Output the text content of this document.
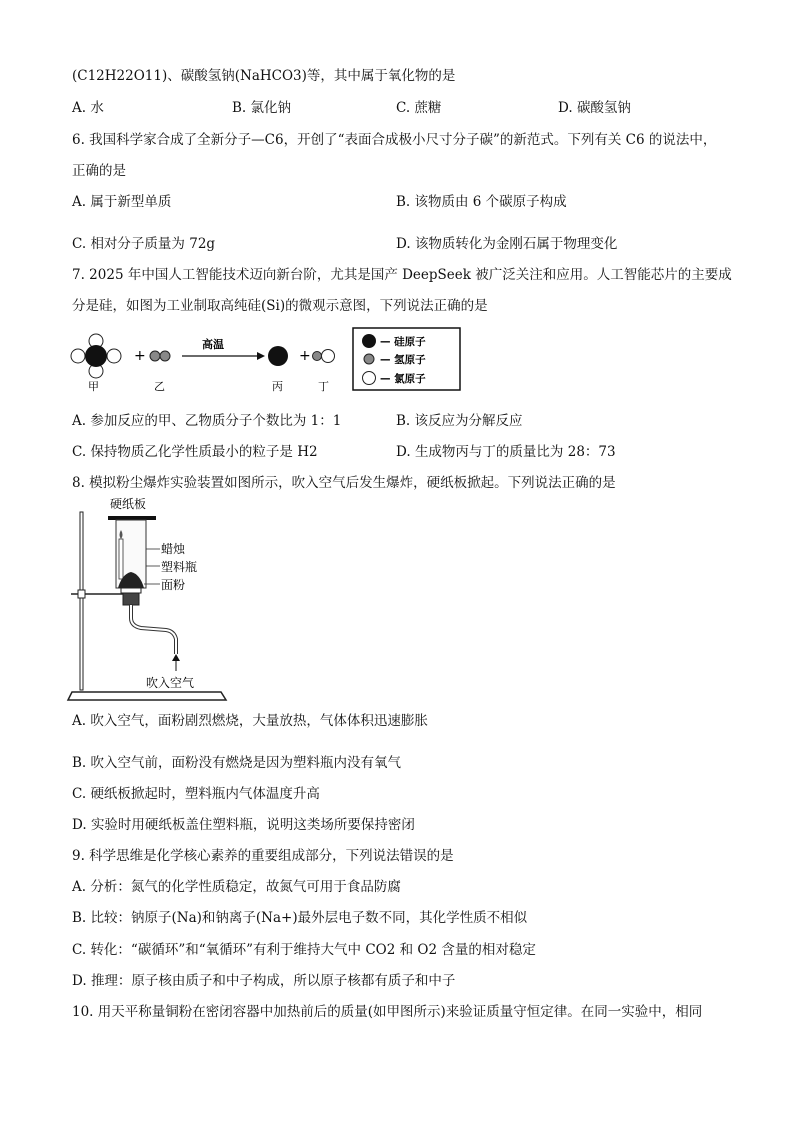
(C12H22O11)、碳酸氢钠(NaHCO3)等，其中属于氧化物的是
A. 水	B. 氯化钠	C. 蔗糖	D. 碳酸氢钠
6. 我国科学家合成了全新分子—C6，开创了“表面合成极小尺寸分子碳”的新范式。下列有关 C6 的说法中，
正确的是
A. 属于新型单质	B. 该物质由 6 个碳原子构成
C. 相对分子质量为 72g	D. 该物质转化为金刚石属于物理变化
7. 2025 年中国人工智能技术迈向新台阶，尤其是国产 DeepSeek 被广泛关注和应用。人工智能芯片的主要成
分是硅，如图为工业制取高纯硅(Si)的微观示意图，下列说法正确的是
甲
+
乙
高温
丙
+
丁
— 硅原子
— 氢原子
— 氯原子
A. 参加反应的甲、乙物质分子个数比为 1：1	B. 该反应为分解反应
C. 保持物质乙化学性质最小的粒子是 H2	D. 生成物丙与丁的质量比为 28：73
8. 模拟粉尘爆炸实验装置如图所示，吹入空气后发生爆炸，硬纸板掀起。下列说法正确的是
硬纸板
蜡烛
塑料瓶
面粉
吹入空气
A. 吹入空气，面粉剧烈燃烧，大量放热，气体体积迅速膨胀
B. 吹入空气前，面粉没有燃烧是因为塑料瓶内没有氧气
C. 硬纸板掀起时，塑料瓶内气体温度升高
D. 实验时用硬纸板盖住塑料瓶，说明这类场所要保持密闭
9. 科学思维是化学核心素养的重要组成部分，下列说法错误的是
A. 分析：氮气的化学性质稳定，故氮气可用于食品防腐
B. 比较：钠原子(Na)和钠离子(Na+)最外层电子数不同，其化学性质不相似
C. 转化：“碳循环”和“氧循环”有利于维持大气中 CO2 和 O2 含量的相对稳定
D. 推理：原子核由质子和中子构成，所以原子核都有质子和中子
10. 用天平称量铜粉在密闭容器中加热前后的质量(如甲图所示)来验证质量守恒定律。在同一实验中，相同
